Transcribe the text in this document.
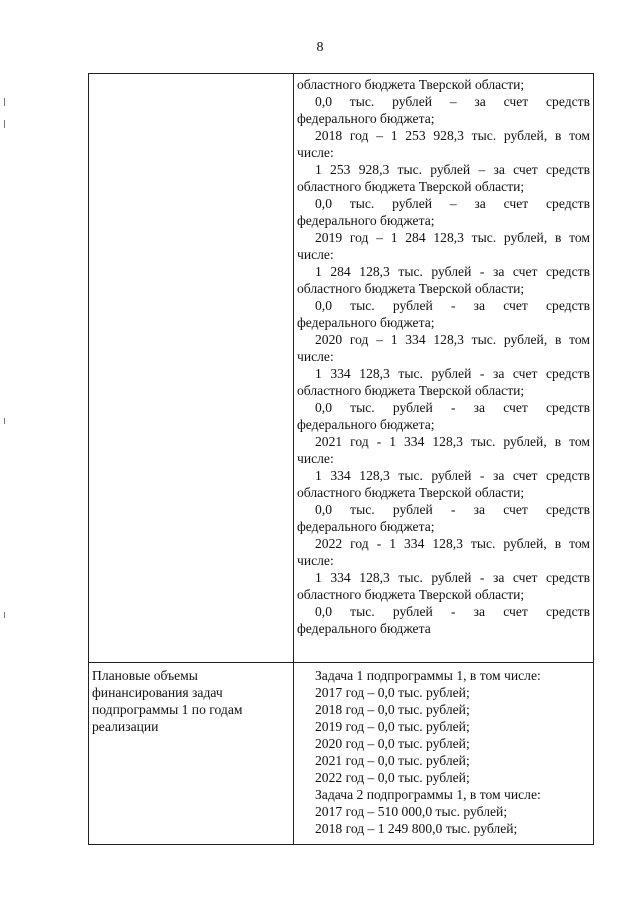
8
областного бюджета Тверской области;
0,0 тыс. рублей – за счет средств
федерального бюджета;
2018 год – 1 253 928,3 тыс. рублей, в том
числе:
1 253 928,3 тыс. рублей – за счет средств
областного бюджета Тверской области;
0,0 тыс. рублей – за счет средств
федерального бюджета;
2019 год – 1 284 128,3 тыс. рублей, в том
числе:
1 284 128,3 тыс. рублей - за счет средств
областного бюджета Тверской области;
0,0 тыс. рублей - за счет средств
федерального бюджета;
2020 год – 1 334 128,3 тыс. рублей, в том
числе:
1 334 128,3 тыс. рублей - за счет средств
областного бюджета Тверской области;
0,0 тыс. рублей - за счет средств
федерального бюджета;
2021 год - 1 334 128,3 тыс. рублей, в том
числе:
1 334 128,3 тыс. рублей - за счет средств
областного бюджета Тверской области;
0,0 тыс. рублей - за счет средств
федерального бюджета;
2022 год - 1 334 128,3 тыс. рублей, в том
числе:
1 334 128,3 тыс. рублей - за счет средств
областного бюджета Тверской области;
0,0 тыс. рублей - за счет средств
федерального бюджета
Плановые объемы
финансирования задач
подпрограммы 1 по годам
реализации
Задача 1 подпрограммы 1, в том числе:
2017 год – 0,0 тыс. рублей;
2018 год – 0,0 тыс. рублей;
2019 год – 0,0 тыс. рублей;
2020 год – 0,0 тыс. рублей;
2021 год – 0,0 тыс. рублей;
2022 год – 0,0 тыс. рублей;
Задача 2 подпрограммы 1, в том числе:
2017 год – 510 000,0 тыс. рублей;
2018 год – 1 249 800,0 тыс. рублей;
